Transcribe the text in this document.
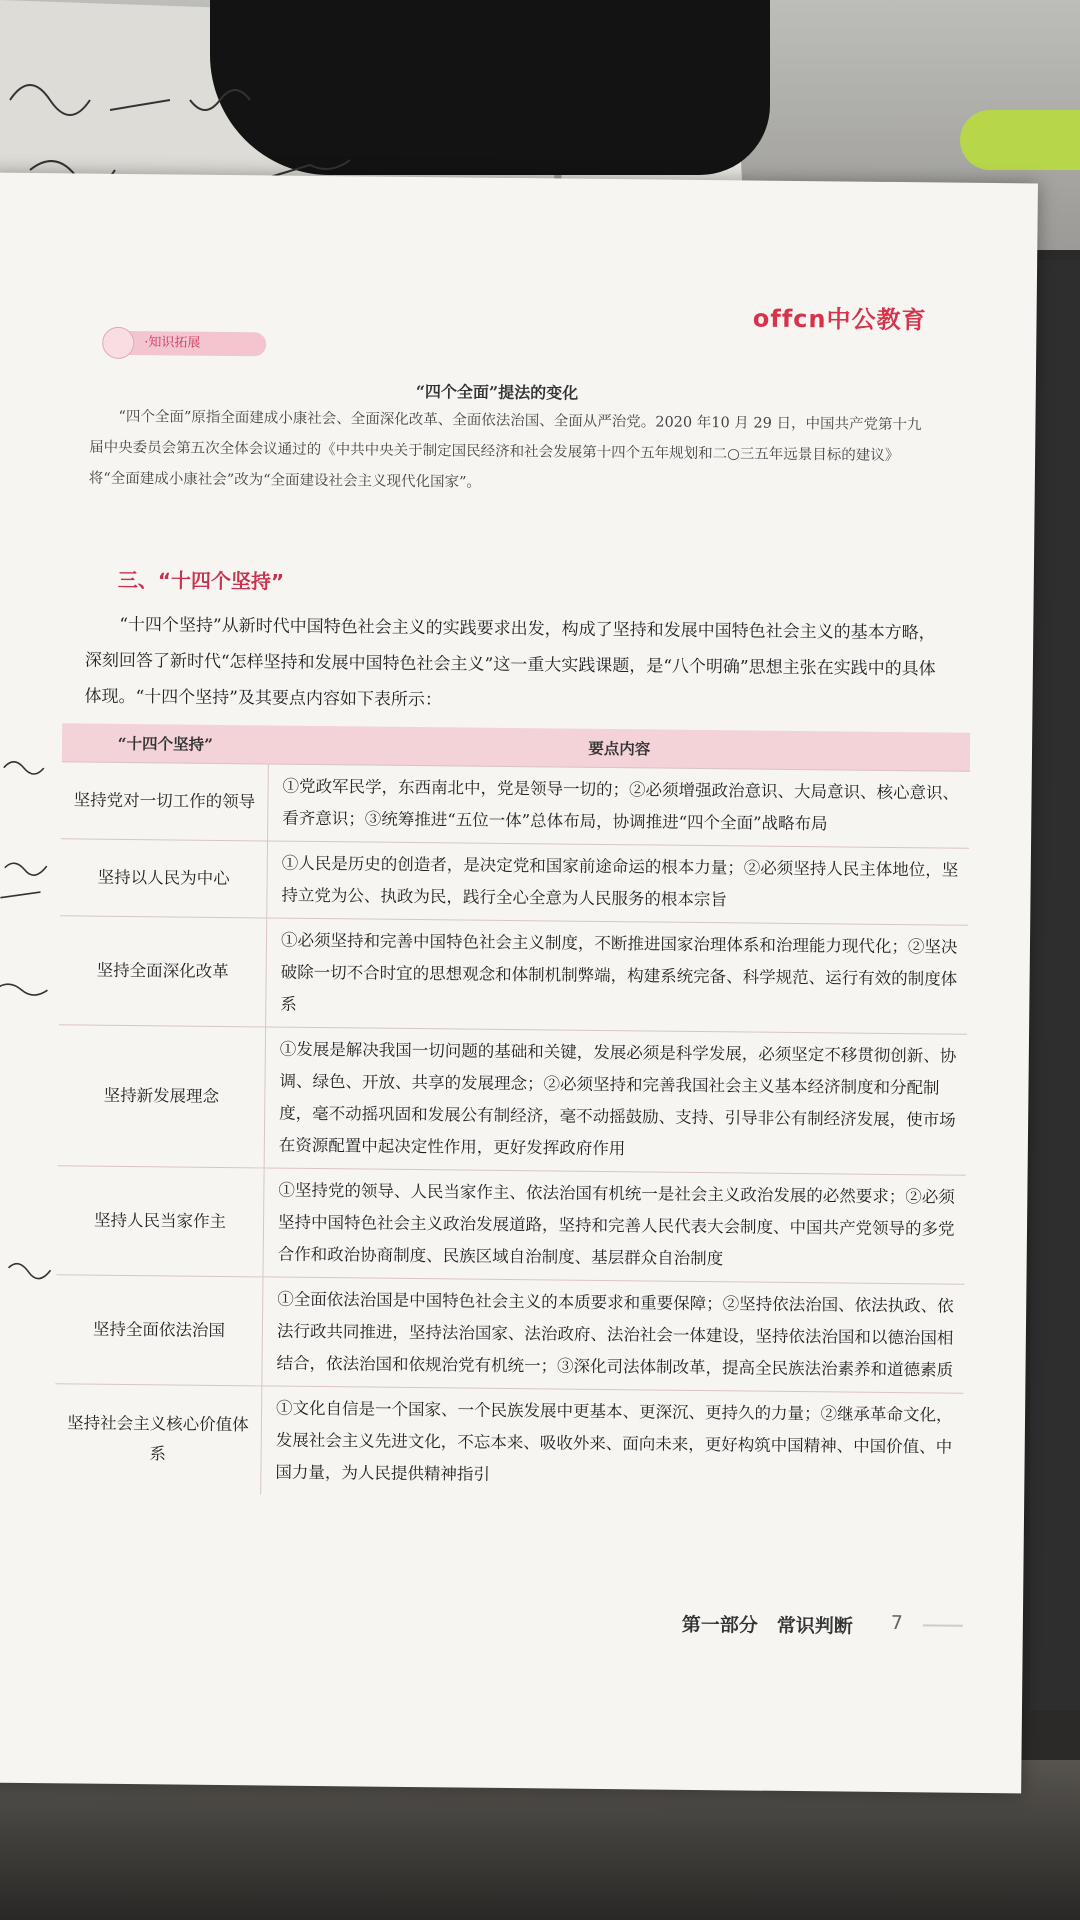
offcn中公教育
·知识拓展
“四个全面”提法的变化
“四个全面”原指全面建成小康社会、全面深化改革、全面依法治国、全面从严治党。2020 年10 月 29 日，中国共产党第十九届中央委员会第五次全体会议通过的《中共中央关于制定国民经济和社会发展第十四个五年规划和二○三五年远景目标的建议》将“全面建成小康社会”改为“全面建设社会主义现代化国家”。
三、“十四个坚持”
“十四个坚持”从新时代中国特色社会主义的实践要求出发，构成了坚持和发展中国特色社会主义的基本方略，深刻回答了新时代“怎样坚持和发展中国特色社会主义”这一重大实践课题，是“八个明确”思想主张在实践中的具体体现。“十四个坚持”及其要点内容如下表所示：
“十四个坚持”	要点内容
坚持党对一切工作的领导	①党政军民学，东西南北中，党是领导一切的；②必须增强政治意识、大局意识、核心意识、看齐意识；③统筹推进“五位一体”总体布局，协调推进“四个全面”战略布局
坚持以人民为中心	①人民是历史的创造者，是决定党和国家前途命运的根本力量；②必须坚持人民主体地位，坚持立党为公、执政为民，践行全心全意为人民服务的根本宗旨
坚持全面深化改革	①必须坚持和完善中国特色社会主义制度，不断推进国家治理体系和治理能力现代化；②坚决破除一切不合时宜的思想观念和体制机制弊端，构建系统完备、科学规范、运行有效的制度体系
坚持新发展理念	①发展是解决我国一切问题的基础和关键，发展必须是科学发展，必须坚定不移贯彻创新、协调、绿色、开放、共享的发展理念；②必须坚持和完善我国社会主义基本经济制度和分配制度，毫不动摇巩固和发展公有制经济，毫不动摇鼓励、支持、引导非公有制经济发展，使市场在资源配置中起决定性作用，更好发挥政府作用
坚持人民当家作主	①坚持党的领导、人民当家作主、依法治国有机统一是社会主义政治发展的必然要求；②必须坚持中国特色社会主义政治发展道路，坚持和完善人民代表大会制度、中国共产党领导的多党合作和政治协商制度、民族区域自治制度、基层群众自治制度
坚持全面依法治国	①全面依法治国是中国特色社会主义的本质要求和重要保障；②坚持依法治国、依法执政、依法行政共同推进，坚持法治国家、法治政府、法治社会一体建设，坚持依法治国和以德治国相结合，依法治国和依规治党有机统一；③深化司法体制改革，提高全民族法治素养和道德素质
坚持社会主义核心价值体系	①文化自信是一个国家、一个民族发展中更基本、更深沉、更持久的力量；②继承革命文化，发展社会主义先进文化，不忘本来、吸收外来、面向未来，更好构筑中国精神、中国价值、中国力量，为人民提供精神指引
第一部分　常识判断 7
